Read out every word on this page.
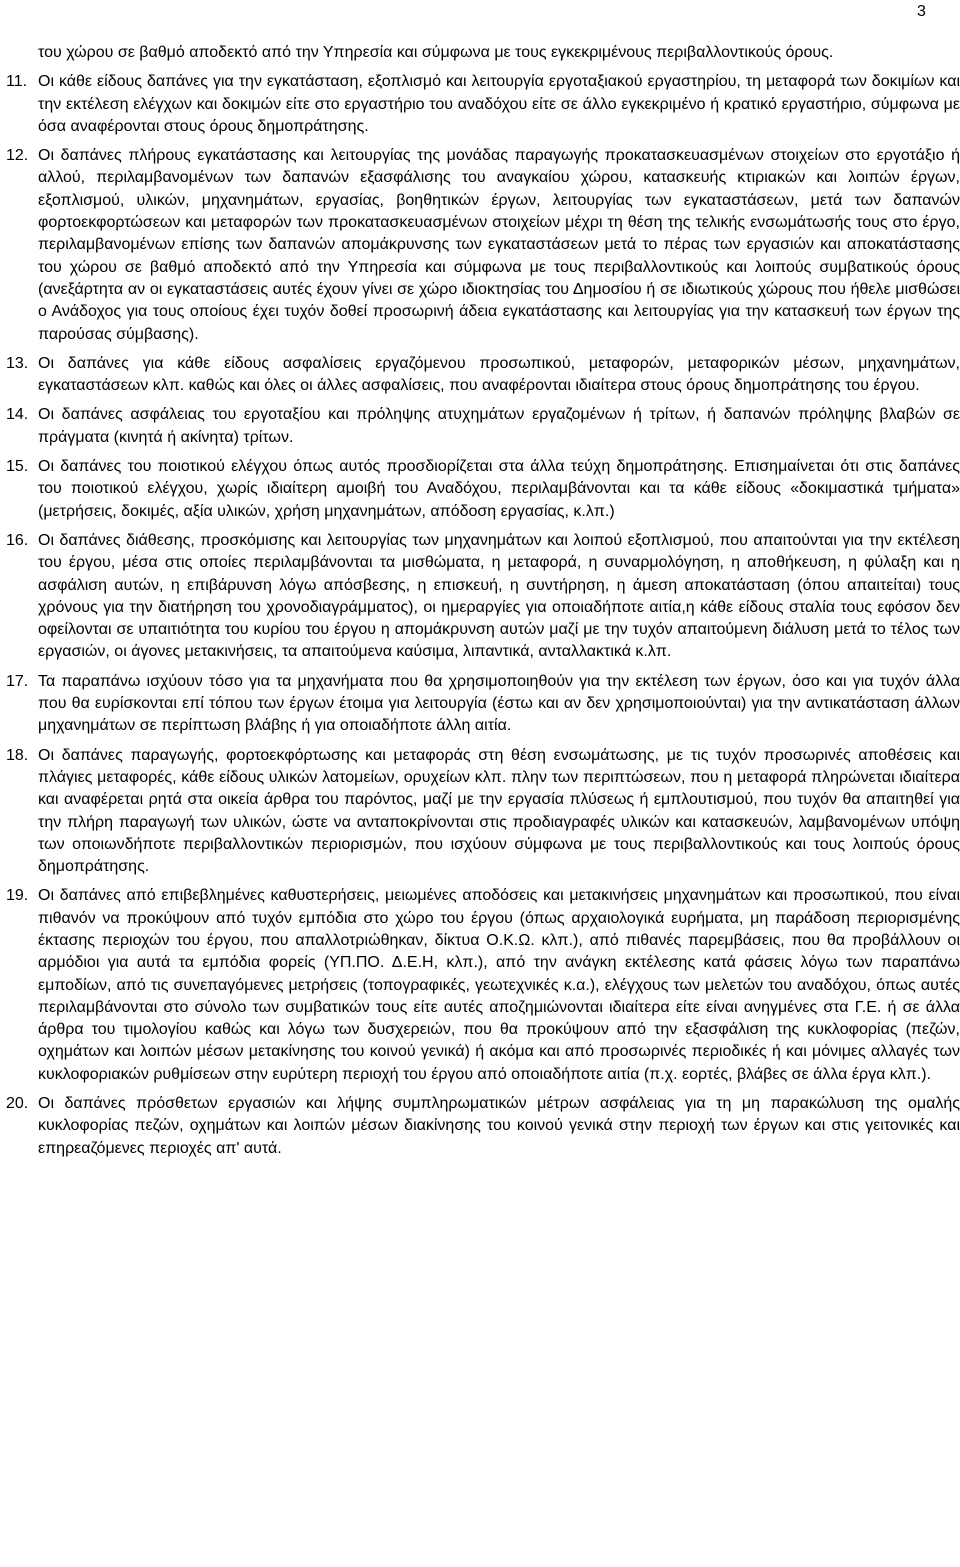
3

του χώρου σε βαθμό αποδεκτό από την Υπηρεσία και σύμφωνα με τους εγκεκριμένους περιβαλλοντικούς όρους.

11. Οι κάθε είδους δαπάνες για την εγκατάσταση, εξοπλισμό και λειτουργία εργοταξιακού εργαστηρίου, τη μεταφορά των δοκιμίων και την εκτέλεση ελέγχων και δοκιμών είτε στο εργαστήριο του αναδόχου είτε σε άλλο εγκεκριμένο ή κρατικό εργαστήριο, σύμφωνα με όσα αναφέρονται στους όρους δημοπράτησης.

12. Οι δαπάνες πλήρους εγκατάστασης και λειτουργίας της μονάδας παραγωγής προκατασκευασμένων στοιχείων στο εργοτάξιο ή αλλού, περιλαμβανομένων των δαπανών εξασφάλισης του αναγκαίου χώρου, κατασκευής κτιριακών και λοιπών έργων, εξοπλισμού, υλικών, μηχανημάτων, εργασίας, βοηθητικών έργων, λειτουργίας των εγκαταστάσεων, μετά των δαπανών φορτοεκφορτώσεων και μεταφορών των προκατασκευασμένων στοιχείων μέχρι τη θέση της τελικής ενσωμάτωσής τους στο έργο, περιλαμβανομένων επίσης των δαπανών απομάκρυνσης των εγκαταστάσεων μετά το πέρας των εργασιών και αποκατάστασης του χώρου σε βαθμό αποδεκτό από την Υπηρεσία και σύμφωνα με τους περιβαλλοντικούς και λοιπούς συμβατικούς όρους (ανεξάρτητα αν οι εγκαταστάσεις αυτές έχουν γίνει σε χώρο ιδιοκτησίας του Δημοσίου ή σε ιδιωτικούς χώρους που ήθελε μισθώσει ο Ανάδοχος για τους οποίους έχει τυχόν δοθεί προσωρινή άδεια εγκατάστασης και λειτουργίας για την κατασκευή των έργων της παρούσας σύμβασης).

13. Οι δαπάνες για κάθε είδους ασφαλίσεις εργαζόμενου προσωπικού, μεταφορών, μεταφορικών μέσων, μηχανημάτων, εγκαταστάσεων κλπ. καθώς και όλες οι άλλες ασφαλίσεις, που αναφέρονται ιδιαίτερα στους όρους δημοπράτησης του έργου.

14. Οι δαπάνες ασφάλειας του εργοταξίου και πρόληψης ατυχημάτων εργαζομένων ή τρίτων, ή δαπανών πρόληψης βλαβών σε πράγματα (κινητά ή ακίνητα) τρίτων.

15. Οι δαπάνες του ποιοτικού ελέγχου όπως αυτός προσδιορίζεται στα άλλα τεύχη δημοπράτησης. Επισημαίνεται ότι στις δαπάνες του ποιοτικού ελέγχου, χωρίς ιδιαίτερη αμοιβή του Αναδόχου, περιλαμβάνονται και τα κάθε είδους «δοκιμαστικά τμήματα» (μετρήσεις, δοκιμές, αξία υλικών, χρήση μηχανημάτων, απόδοση εργασίας, κ.λπ.)

16. Οι δαπάνες διάθεσης, προσκόμισης και λειτουργίας των μηχανημάτων και λοιπού εξοπλισμού, που απαιτούνται για την εκτέλεση του έργου, μέσα στις οποίες περιλαμβάνονται τα μισθώματα, η μεταφορά, η συναρμολόγηση, η αποθήκευση, η φύλαξη και η ασφάλιση αυτών, η επιβάρυνση λόγω απόσβεσης, η επισκευή, η συντήρηση, η άμεση αποκατάσταση (όπου απαιτείται) τους χρόνους για την διατήρηση του χρονοδιαγράμματος), οι ημεραργίες για οποιαδήποτε αιτία,η κάθε είδους σταλία τους εφόσον δεν οφείλονται σε υπαιτιότητα του κυρίου του έργου η απομάκρυνση αυτών μαζί με την τυχόν απαιτούμενη διάλυση μετά το τέλος των εργασιών, οι άγονες μετακινήσεις, τα απαιτούμενα καύσιμα, λιπαντικά, ανταλλακτικά κ.λπ.

17. Τα παραπάνω ισχύουν τόσο για τα μηχανήματα που θα χρησιμοποιηθούν για την εκτέλεση των έργων, όσο και για τυχόν άλλα που θα ευρίσκονται επί τόπου των έργων έτοιμα για λειτουργία (έστω και αν δεν χρησιμοποιούνται) για την αντικατάσταση άλλων μηχανημάτων σε περίπτωση βλάβης ή για οποιαδήποτε άλλη αιτία.

18. Οι δαπάνες παραγωγής, φορτοεκφόρτωσης και μεταφοράς στη θέση ενσωμάτωσης, με τις τυχόν προσωρινές αποθέσεις και πλάγιες μεταφορές, κάθε είδους υλικών λατομείων, ορυχείων κλπ. πλην των περιπτώσεων, που η μεταφορά πληρώνεται ιδιαίτερα και αναφέρεται ρητά στα οικεία άρθρα του παρόντος, μαζί με την εργασία πλύσεως ή εμπλουτισμού, που τυχόν θα απαιτηθεί για την πλήρη παραγωγή των υλικών, ώστε να ανταποκρίνονται στις προδιαγραφές υλικών και κατασκευών, λαμβανομένων υπόψη των οποιωνδήποτε περιβαλλοντικών περιορισμών, που ισχύουν σύμφωνα με τους περιβαλλοντικούς και τους λοιπούς όρους δημοπράτησης.

19. Οι δαπάνες από επιβεβλημένες καθυστερήσεις, μειωμένες αποδόσεις και μετακινήσεις μηχανημάτων και προσωπικού, που είναι πιθανόν να προκύψουν από τυχόν εμπόδια στο χώρο του έργου (όπως αρχαιολογικά ευρήματα, μη παράδοση περιορισμένης έκτασης περιοχών του έργου, που απαλλοτριώθηκαν, δίκτυα Ο.Κ.Ω. κλπ.), από πιθανές παρεμβάσεις, που θα προβάλλουν οι αρμόδιοι για αυτά τα εμπόδια φορείς (ΥΠ.ΠΟ. Δ.Ε.Η, κλπ.), από την ανάγκη εκτέλεσης κατά φάσεις λόγω των παραπάνω εμποδίων, από τις συνεπαγόμενες μετρήσεις (τοπογραφικές, γεωτεχνικές κ.α.), ελέγχους των μελετών του αναδόχου, όπως αυτές περιλαμβάνονται στο σύνολο των συμβατικών τους είτε αυτές αποζημιώνονται ιδιαίτερα είτε είναι ανηγμένες στα Γ.Ε. ή σε άλλα άρθρα του τιμολογίου καθώς και λόγω των δυσχερειών, που θα προκύψουν από την εξασφάλιση της κυκλοφορίας (πεζών, οχημάτων και λοιπών μέσων μετακίνησης του κοινού γενικά) ή ακόμα και από προσωρινές περιοδικές ή και μόνιμες αλλαγές των κυκλοφοριακών ρυθμίσεων στην ευρύτερη περιοχή του έργου από οποιαδήποτε αιτία (π.χ. εορτές, βλάβες σε άλλα έργα κλπ.).

20. Οι δαπάνες πρόσθετων εργασιών και λήψης συμπληρωματικών μέτρων ασφάλειας για τη μη παρακώλυση της ομαλής κυκλοφορίας πεζών, οχημάτων και λοιπών μέσων διακίνησης του κοινού γενικά στην περιοχή των έργων και στις γειτονικές και επηρεαζόμενες περιοχές απ' αυτά.
